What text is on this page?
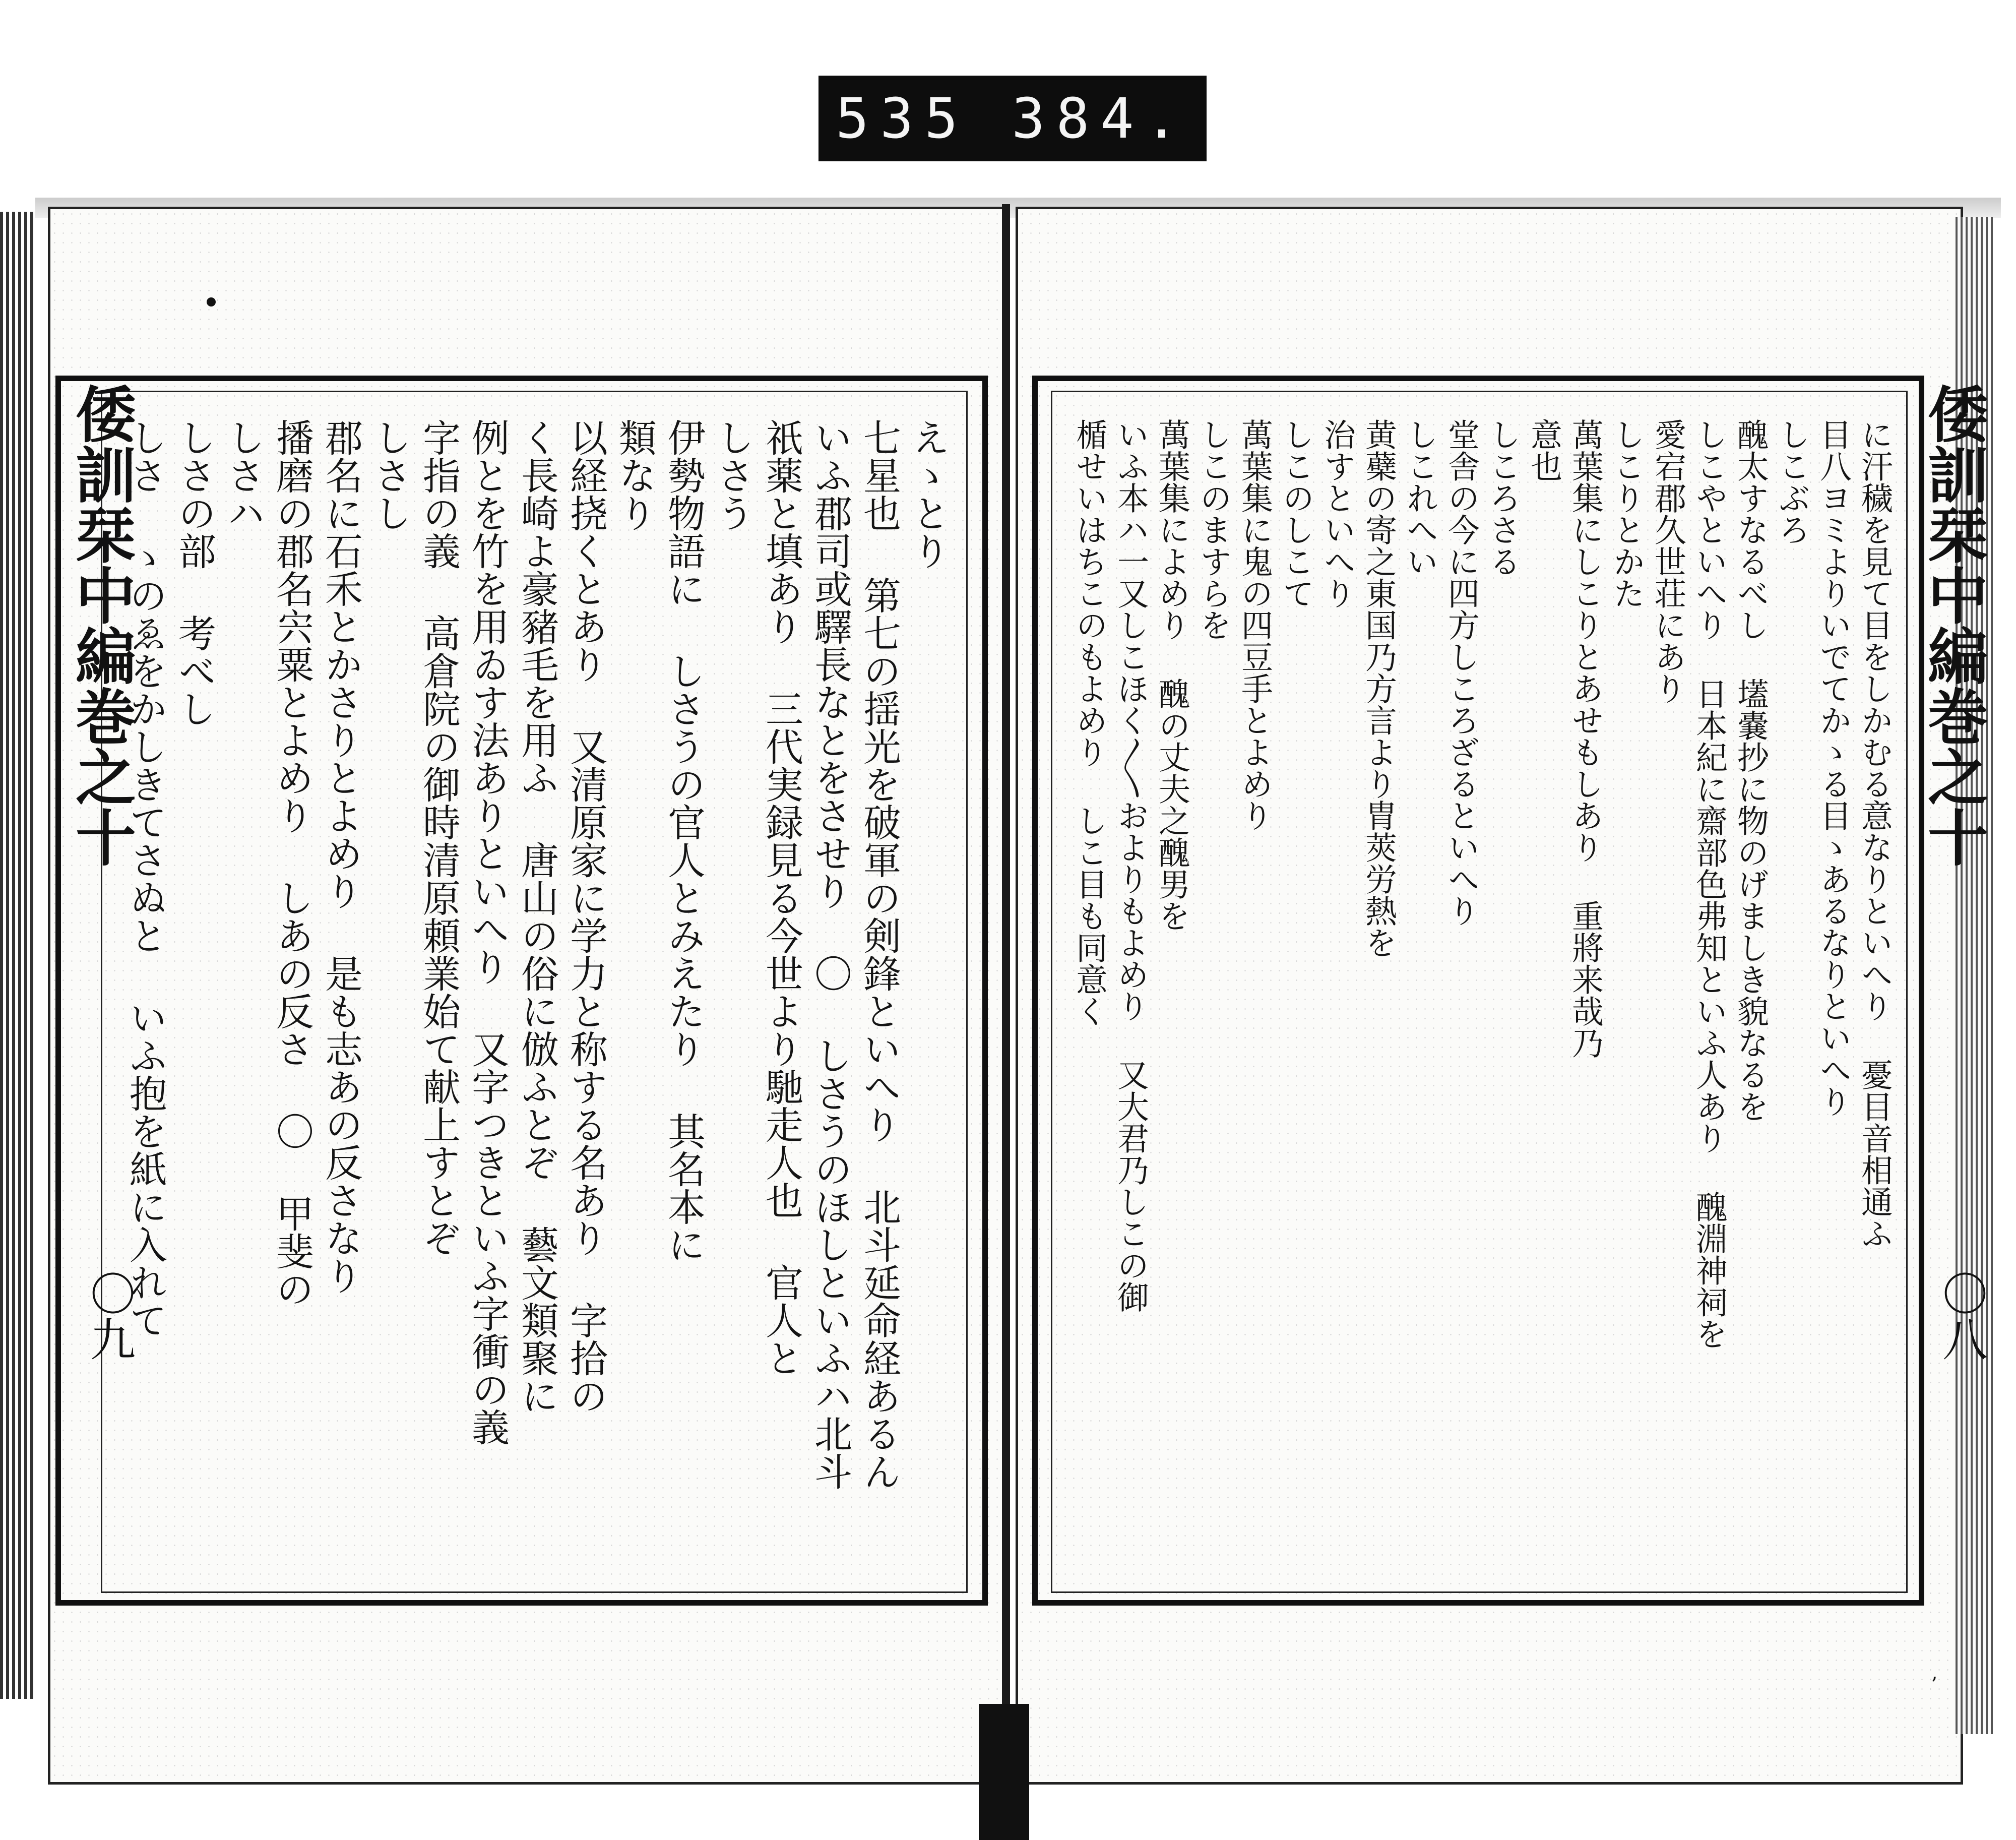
535 384.
ʼ
倭訓栞中編巻之十
〇九
倭訓栞中編巻之十
〇八
に汗穢を見て目をしかむる意なりといへり 憂目音相通ふ
目八ヨミよりいでてかゝる目ゝあるなりといへり
しこぶろ
醜太すなるべし 壒嚢抄に物のげましき貌なるを
しこやといへり 日本紀に齋部色弗知といふ人あり 醜淵神祠を
愛宕郡久世荘にあり
しこりとかた
萬葉集にしこりとあせもしあり 重將来哉乃
意也
しころさる
堂舎の今に四方しころざるといへり
しこれへい
黄蘗の寄之東国乃方言より胄莢労熱を
治すといへり
しこのしこて
萬葉集に鬼の四豆手とよめり
しこのますらを
萬葉集によめり 醜の丈夫之醜男を
いふ本ハ一又しこほく〳〵およりもよめり 又大君乃しこの御
楯せいはちこのもよめり しこ目も同意く
えゝとり
七星也 第七の揺光を破軍の剣鋒といへり 北斗延命経あるん
いふ郡司或驛長なとをさせり 〇 しさうのほしといふハ北斗
祇薬と填あり 三代実録見る今世より馳走人也 官人と
しさう
伊勢物語に しさうの官人とみえたり 其名本に
類なり
以経挠くとあり 又清原家に学力と称する名あり 字拾の
く長崎よ豪豬毛を用ふ 唐山の俗に倣ふとぞ 藝文類聚に
例とを竹を用ゐす法ありといへり 又字つきといふ字衝の義
字指の義 高倉院の御時清原頼業始て献上すとぞ
しさし
郡名に石禾とかさりとよめり 是も志あの反さなり
播磨の郡名宍粟とよめり しあの反さ 〇 甲斐の
しさハ
しさの部 考べし
しさ ゝのゑをかしきてさぬと いふ抱を紙に入れて
